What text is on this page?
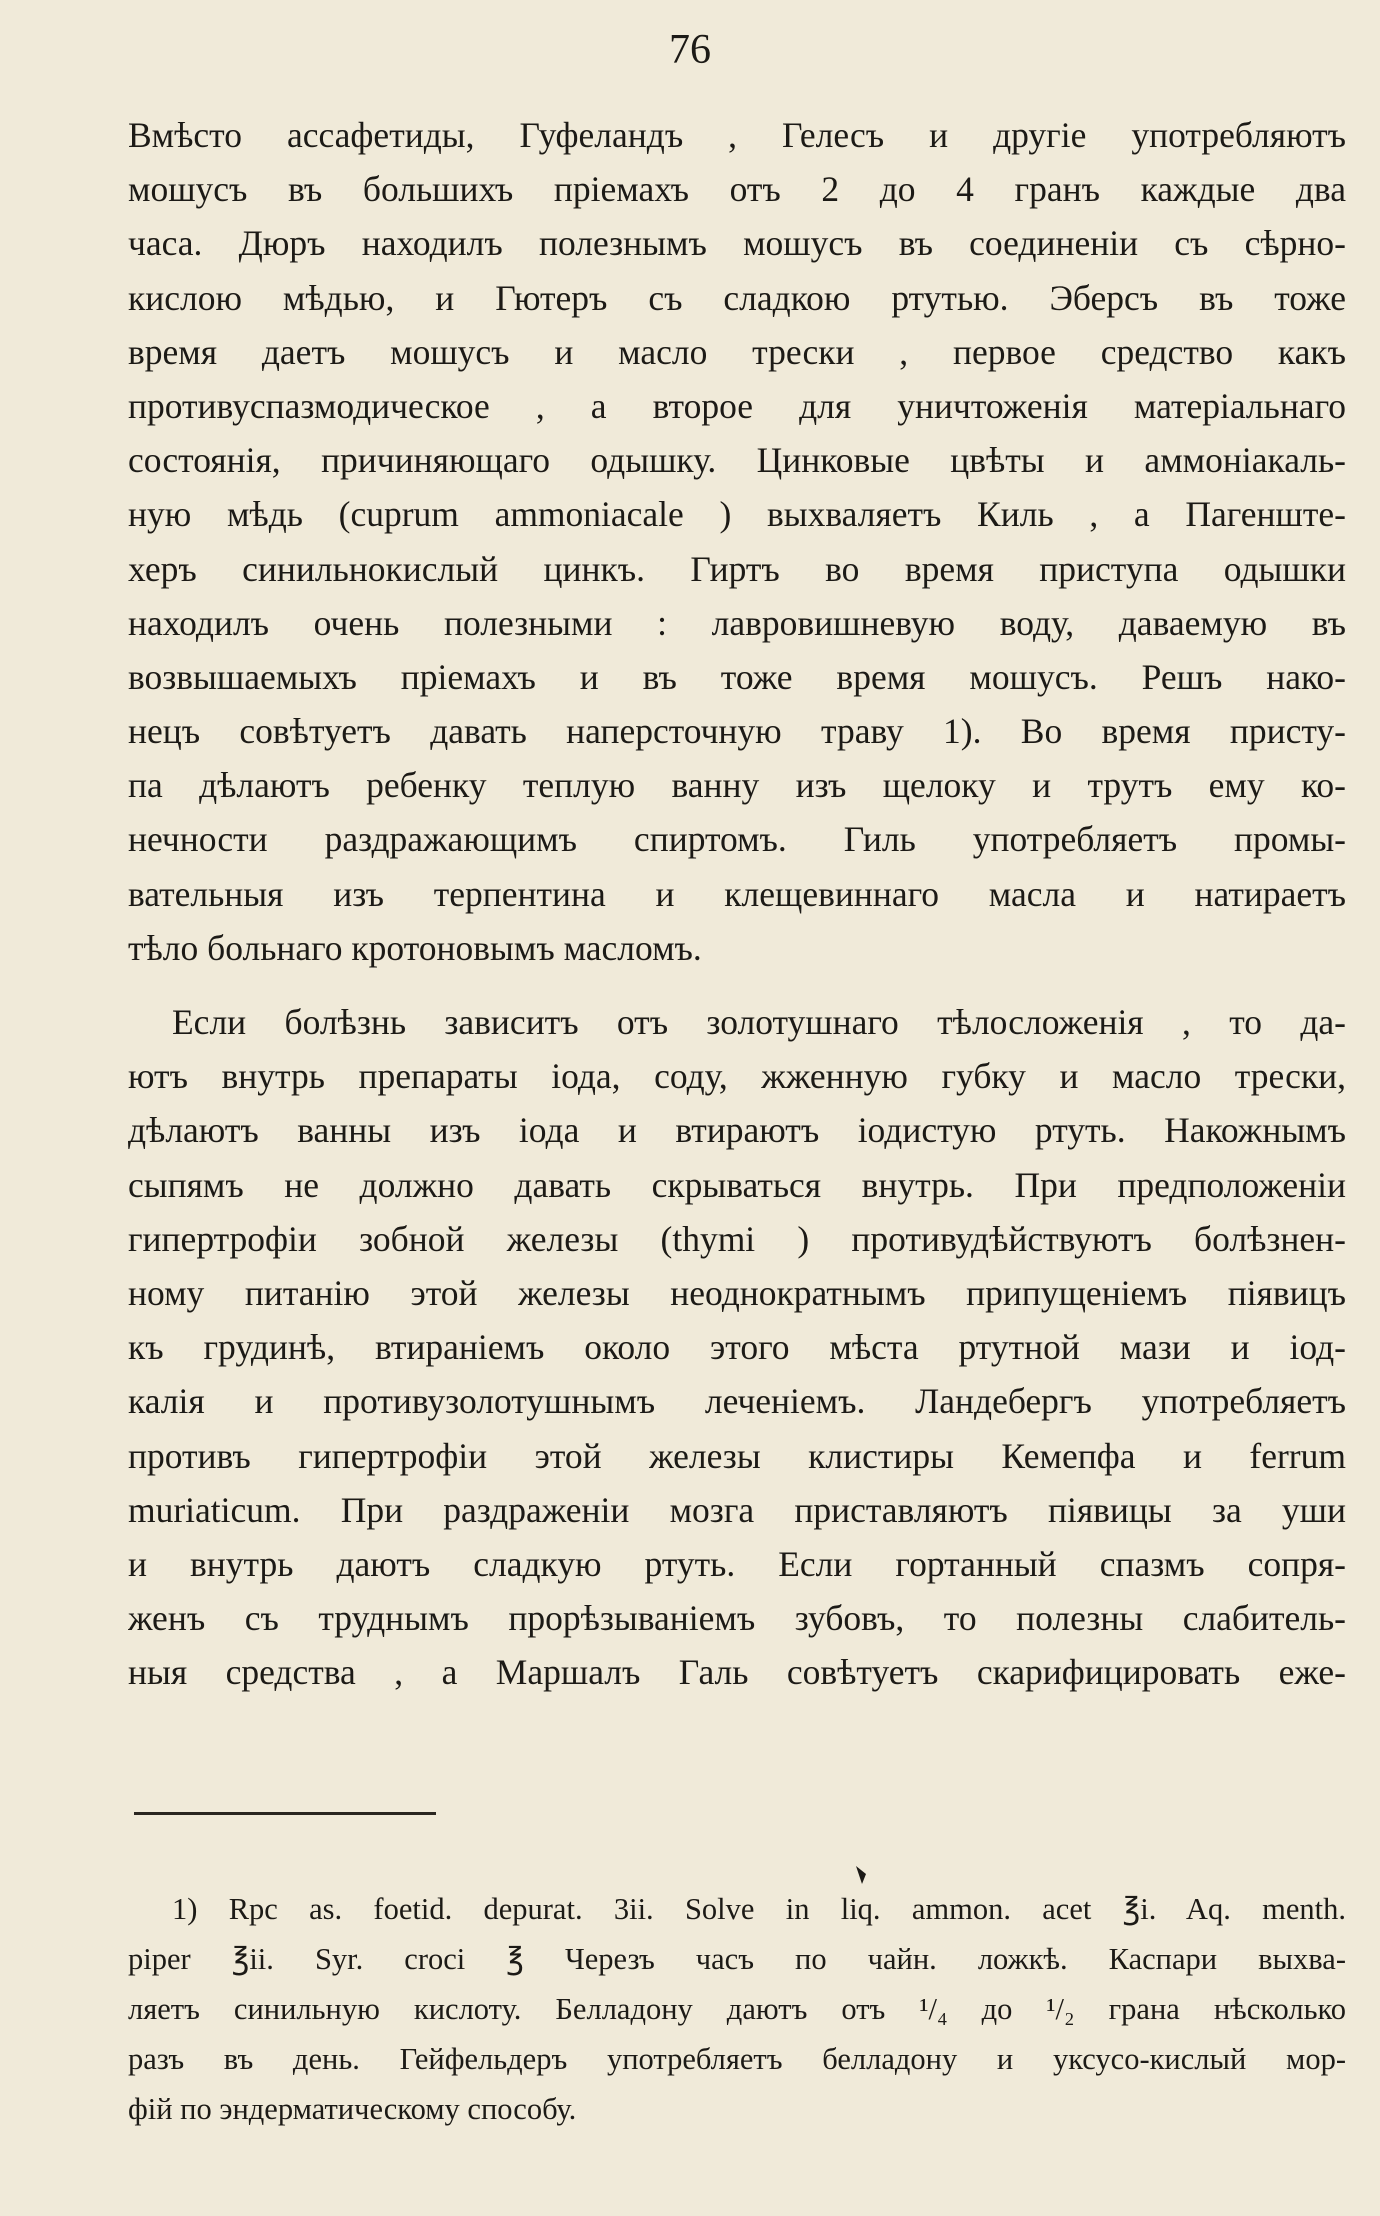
76
Вмѣсто ассафетиды, Гуфеландъ , Гелесъ и другіе употребляютъ
мошусъ въ большихъ пріемахъ отъ 2 до 4 гранъ каждые два
часа. Дюръ находилъ полезнымъ мошусъ въ соединеніи съ сѣрно-
кислою мѣдью, и Гютеръ съ сладкою ртутью. Эберсъ въ тоже
время даетъ мошусъ и масло трески , первое средство какъ
противуспазмодическое , а второе для уничтоженія матеріальнаго
состоянія, причиняющаго одышку. Цинковые цвѣты и аммоніакаль-
ную мѣдь (cuprum ammoniacale ) выхваляетъ Киль , а Пагенште-
херъ синильнокислый цинкъ. Гиртъ во время приступа одышки
находилъ очень полезными : лавровишневую воду, даваемую въ
возвышаемыхъ пріемахъ и въ тоже время мошусъ. Решъ нако-
нецъ совѣтуетъ давать наперсточную траву 1). Во время присту-
па дѣлаютъ ребенку теплую ванну изъ щелоку и трутъ ему ко-
нечности раздражающимъ спиртомъ. Гиль употребляетъ промы-
вательныя изъ терпентина и клещевиннаго масла и натираетъ
тѣло больнаго кротоновымъ масломъ.
Если болѣзнь зависитъ отъ золотушнаго тѣлосложенія , то да-
ютъ внутрь препараты іода, соду, жженную губку и масло трески,
дѣлаютъ ванны изъ іода и втираютъ іодистую ртуть. Накожнымъ
сыпямъ не должно давать скрываться внутрь. При предположеніи
гипертрофіи зобной железы (thymi ) противудѣйствуютъ болѣзнен-
ному питанію этой железы неоднократнымъ припущеніемъ піявицъ
къ грудинѣ, втираніемъ около этого мѣста ртутной мази и іод-
калія и противузолотушнымъ леченіемъ. Ландебергъ употребляетъ
противъ гипертрофіи этой железы клистиры Кемепфа и ferrum
muriaticum. При раздраженіи мозга приставляютъ піявицы за уши
и внутрь даютъ сладкую ртуть. Если гортанный спазмъ сопря-
женъ съ труднымъ прорѣзываніемъ зубовъ, то полезны слабитель-
ныя средства , а Маршалъ Галь совѣтуетъ скарифицировать еже-
1) Rpc as. foetid. depurat. 3ii. Solve in liq. ammon. acet ℥i. Aq. menth.
piper ℥ii. Syr. croci ℥ Черезъ часъ по чайн. ложкѣ. Каспари выхва-
ляетъ синильную кислоту. Белладону даютъ отъ ¹/₄ до ¹/₂ грана нѣсколько
разъ въ день. Гейфельдеръ употребляетъ белладону и уксусо-кислый мор-
фій по эндерматическому способу.
